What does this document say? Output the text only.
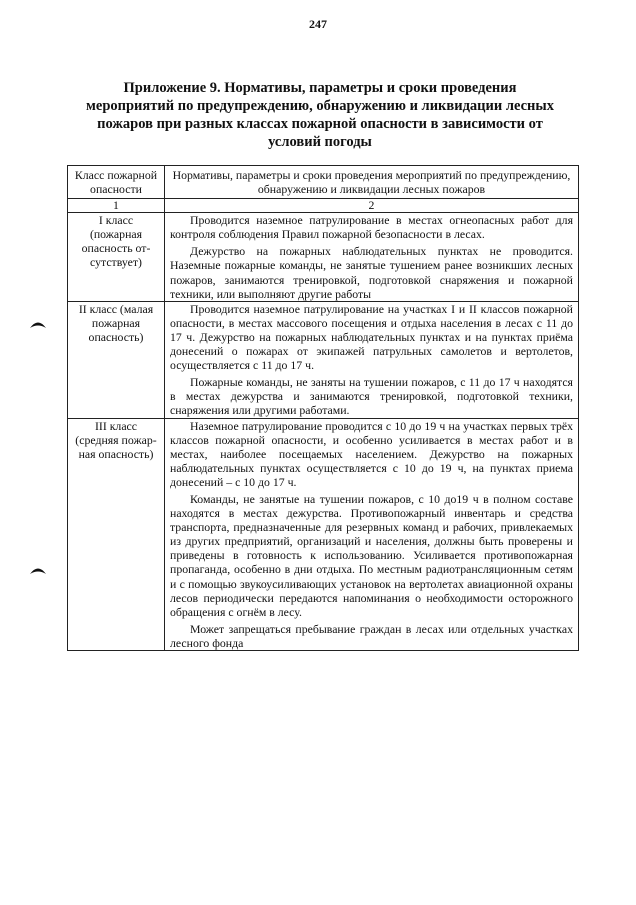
247
Приложение 9. Нормативы, параметры и сроки проведения
мероприятий по предупреждению, обнаружению и ликвидации лесных
пожаров при разных классах пожарной опасности в зависимости от
условий погоды
Класс пожарной опасности	Нормативы, параметры и сроки проведения мероприятий по предупреждению, обнаружению и ликвидации лесных пожаров
1	2
I класс (пожарная опасность отсутствует)	Проводится наземное патрулирование в местах огнеопасных работ для контроля соблюдения Правил пожарной безопасности в лесах.

Дежурство на пожарных наблюдательных пунктах не проводится. Наземные пожарные команды, не занятые тушением ранее возникших лесных пожаров, занимаются тренировкой, подготовкой снаряжения и пожарной техники, или выполняют другие работы

II класс (малая пожарная опасность)	Проводится наземное патрулирование на участках I и II классов пожарной опасности, в местах массового посещения и отдыха населения в лесах с 11 до 17 ч. Дежурство на пожарных наблюдательных пунктах и на пунктах приёма донесений о пожарах от экипажей патрульных самолетов и вертолетов, осуществляется с 11 до 17 ч.

Пожарные команды, не заняты на тушении пожаров, с 11 до 17 ч находятся в местах дежурства и занимаются тренировкой, подготовкой техники, снаряжения или другими работами.

III класс (средняя пожарная опасность)	Наземное патрулирование проводится с 10 до 19 ч на участках первых трёх классов пожарной опасности, и особенно усиливается в местах работ и в местах, наиболее посещаемых населением. Дежурство на пожарных наблюдательных пунктах осуществляется с 10 до 19 ч, на пунктах приема донесений – с 10 до 17 ч.

Команды, не занятые на тушении пожаров, с 10 до19 ч в полном составе находятся в местах дежурства. Противопожарный инвентарь и средства транспорта, предназначенные для резервных команд и рабочих, привлекаемых из других предприятий, организаций и населения, должны быть проверены и приведены в готовность к использованию. Усиливается противопожарная пропаганда, особенно в дни отдыха. По местным радиотрансляционным сетям и с помощью звукоусиливающих установок на вертолетах авиационной охраны лесов периодически передаются напоминания о необходимости осторожного обращения с огнём в лесу.

Может запрещаться пребывание граждан в лесах или отдельных участках лесного фонда
